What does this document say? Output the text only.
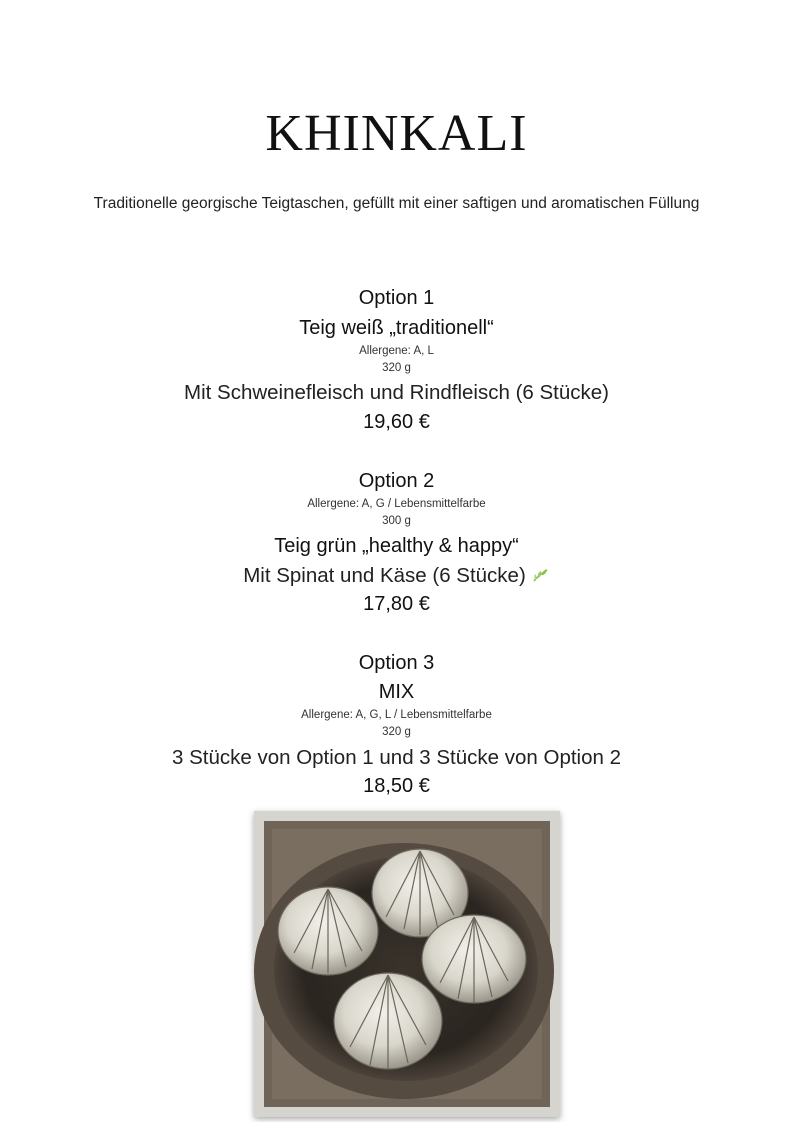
KHINKALI
Traditionelle georgische Teigtaschen, gefüllt mit einer saftigen und aromatischen Füllung
Option 1
Teig weiß „traditionell“
Allergene: A, L
320 g
Mit Schweinefleisch und Rindfleisch (6 Stücke)
19,60 €
Option 2
Allergene: A, G / Lebensmittelfarbe
300 g
Teig grün „healthy & happy“
Mit Spinat und Käse (6 Stücke)
17,80 €
Option 3
MIX
Allergene: A, G, L / Lebensmittelfarbe
320 g
3 Stücke von Option 1 und 3 Stücke von Option 2
18,50 €
